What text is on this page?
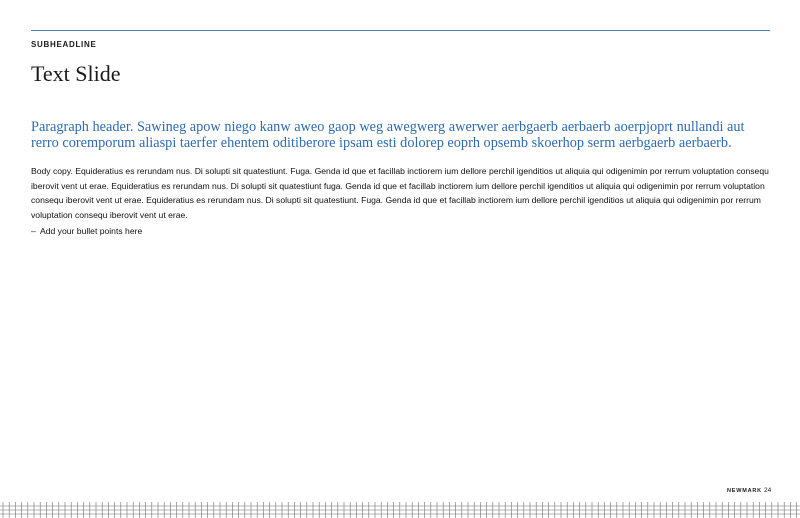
SUBHEADLINE
Text Slide
Paragraph header. Sawineg apow niego kanw aweo gaop weg awegwerg awerwer aerbgaerb aerbaerb aoerpjoprt nullandi aut rerro coremporum aliaspi taerfer ehentem oditiberore ipsam esti dolorep eoprh opsemb skoerhop serm aerbgaerb aerbaerb.
Body copy. Equideratius es rerundam nus. Di solupti sit quatestiunt. Fuga. Genda id que et facillab inctiorem ium dellore perchil igenditios ut aliquia qui odigenimin por rerrum voluptation consequ iberovit vent ut erae. Equideratius es rerundam nus. Di solupti sit quatestiunt fuga. Genda id que et facillab inctiorem ium dellore perchil igenditios ut aliquia qui odigenimin por rerrum voluptation consequ iberovit vent ut erae. Equideratius es rerundam nus. Di solupti sit quatestiunt. Fuga. Genda id que et facillab inctiorem ium dellore perchil igenditios ut aliquia qui odigenimin por rerrum voluptation consequ iberovit vent ut erae.
– Add your bullet points here
NEWMARK 24
